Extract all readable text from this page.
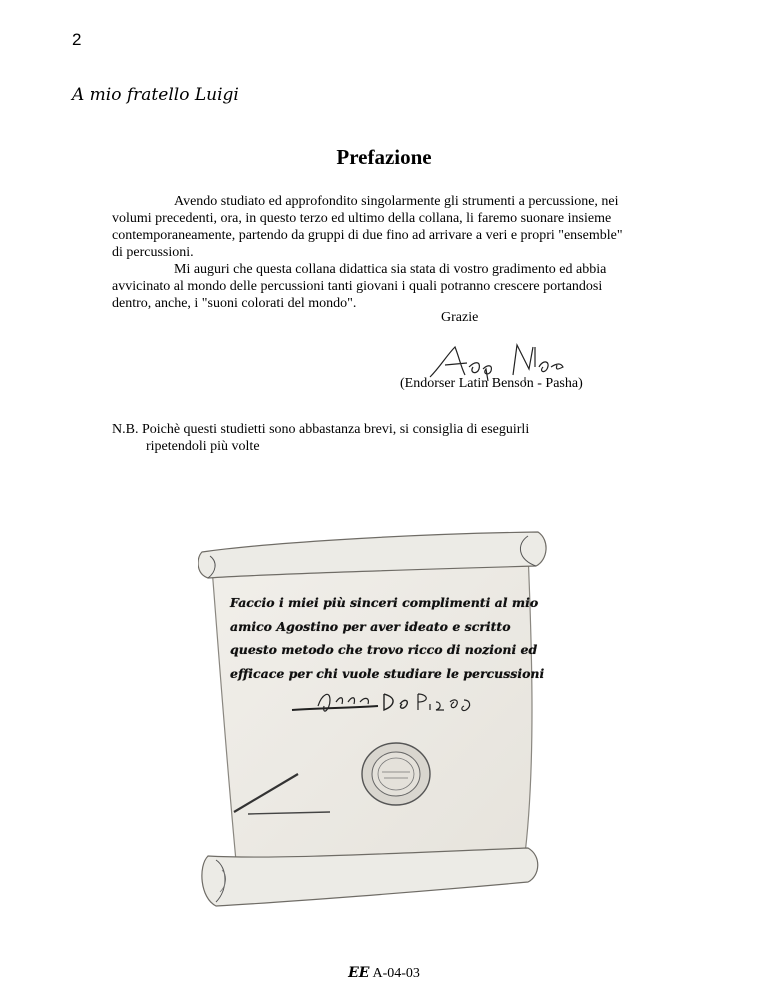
2
A mio fratello Luigi
Prefazione

Avendo studiato ed approfondito singolarmente gli strumenti a percussione, nei

volumi precedenti, ora, in questo terzo ed ultimo della collana, li faremo suonare insieme

contemporaneamente, partendo da gruppi di due fino ad arrivare a veri e propri "ensemble"

di percussioni.

Mi auguri che questa collana didattica sia stata di vostro gradimento ed abbia

avvicinato al mondo delle percussioni tanti giovani i quali potranno crescere portandosi

dentro, anche, i "suoni colorati del mondo".

Grazie
(Endorser Latin Benson - Pasha)
N.B. Poichè questi studietti sono abbastanza brevi, si consiglia di eseguirli
ripetendoli più volte
Faccio i miei più sinceri complimenti al mio
amico Agostino per aver ideato e scritto
questo metodo che trovo ricco di nozioni ed
efficace per chi vuole studiare le percussioni
EE A-04-03
